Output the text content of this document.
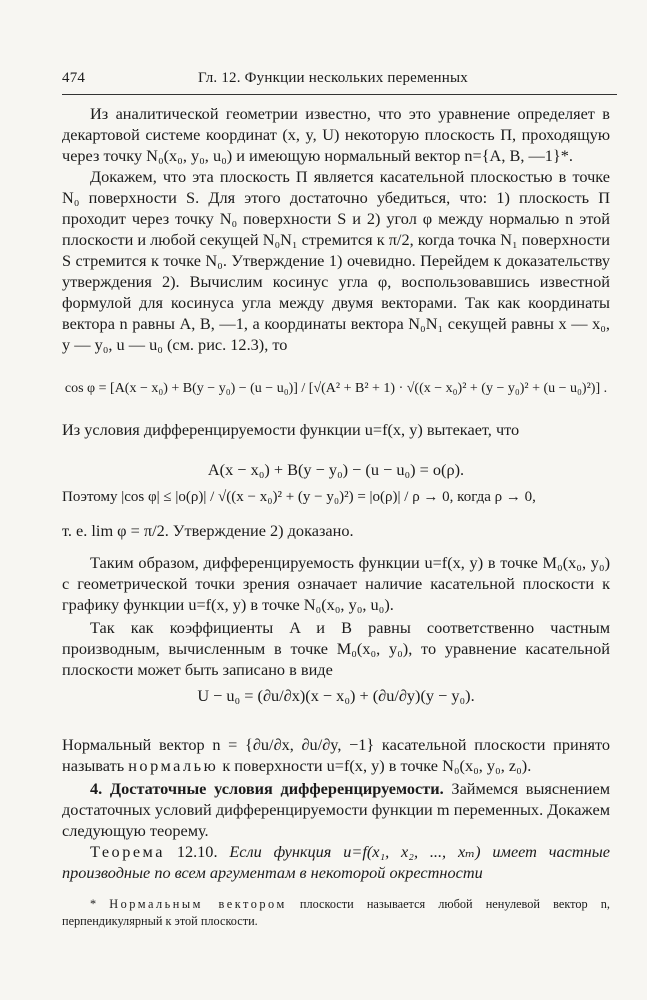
474	Гл. 12. Функции нескольких переменных

Из аналитической геометрии известно, что это уравнение определяет в декартовой системе координат (x, y, U) некоторую плоскость П, проходящую через точку N₀(x₀, y₀, u₀) и имеющую нормальный вектор n={A, B, —1}*.

Докажем, что эта плоскость П является касательной плоскостью в точке N₀ поверхности S. Для этого достаточно убедиться, что: 1) плоскость П проходит через точку N₀ поверхности S и 2) угол φ между нормалью n этой плоскости и любой секущей N₀N₁ стремится к π/2, когда точка N₁ поверхности S стремится к точке N₀. Утверждение 1) очевидно. Перейдем к доказательству утверждения 2). Вычислим косинус угла φ, воспользовавшись известной формулой для косинуса угла между двумя векторами. Так как координаты вектора n равны A, B, —1, а координаты вектора N₀N₁ секущей равны x — x₀, y — y₀, u — u₀ (см. рис. 12.3), то

cos φ = [A(x − x₀) + B(y − y₀) − (u − u₀)] / [√(A² + B² + 1) · √((x − x₀)² + (y − y₀)² + (u − u₀)²)] .

Из условия дифференцируемости функции u=f(x, y) вытекает, что

A(x − x₀) + B(y − y₀) − (u − u₀) = o(ρ).

Поэтому |cos φ| ≤ |o(ρ)| / √((x − x₀)² + (y − y₀)²) = |o(ρ)| / ρ → 0, когда ρ → 0,

т. е. lim φ = π/2. Утверждение 2) доказано.

Таким образом, дифференцируемость функции u=f(x, y) в точке M₀(x₀, y₀) с геометрической точки зрения означает наличие касательной плоскости к графику функции u=f(x, y) в точке N₀(x₀, y₀, u₀).

Так как коэффициенты A и B равны соответственно частным производным, вычисленным в точке M₀(x₀, y₀), то уравнение касательной плоскости может быть записано в виде

U − u₀ = (∂u/∂x)(x − x₀) + (∂u/∂y)(y − y₀).

Нормальный вектор n = {∂u/∂x, ∂u/∂y, −1} касательной плоскости принято называть нормалью к поверхности u=f(x, y) в точке N₀(x₀, y₀, z₀).

4. Достаточные условия дифференцируемости. Займемся выяснением достаточных условий дифференцируемости функции m переменных. Докажем следующую теорему.

Теорема 12.10. Если функция u=f(x₁, x₂, ..., xₘ) имеет частные производные по всем аргументам в некоторой окрестности

* Нормальным вектором плоскости называется любой ненулевой вектор n, перпендикулярный к этой плоскости.
